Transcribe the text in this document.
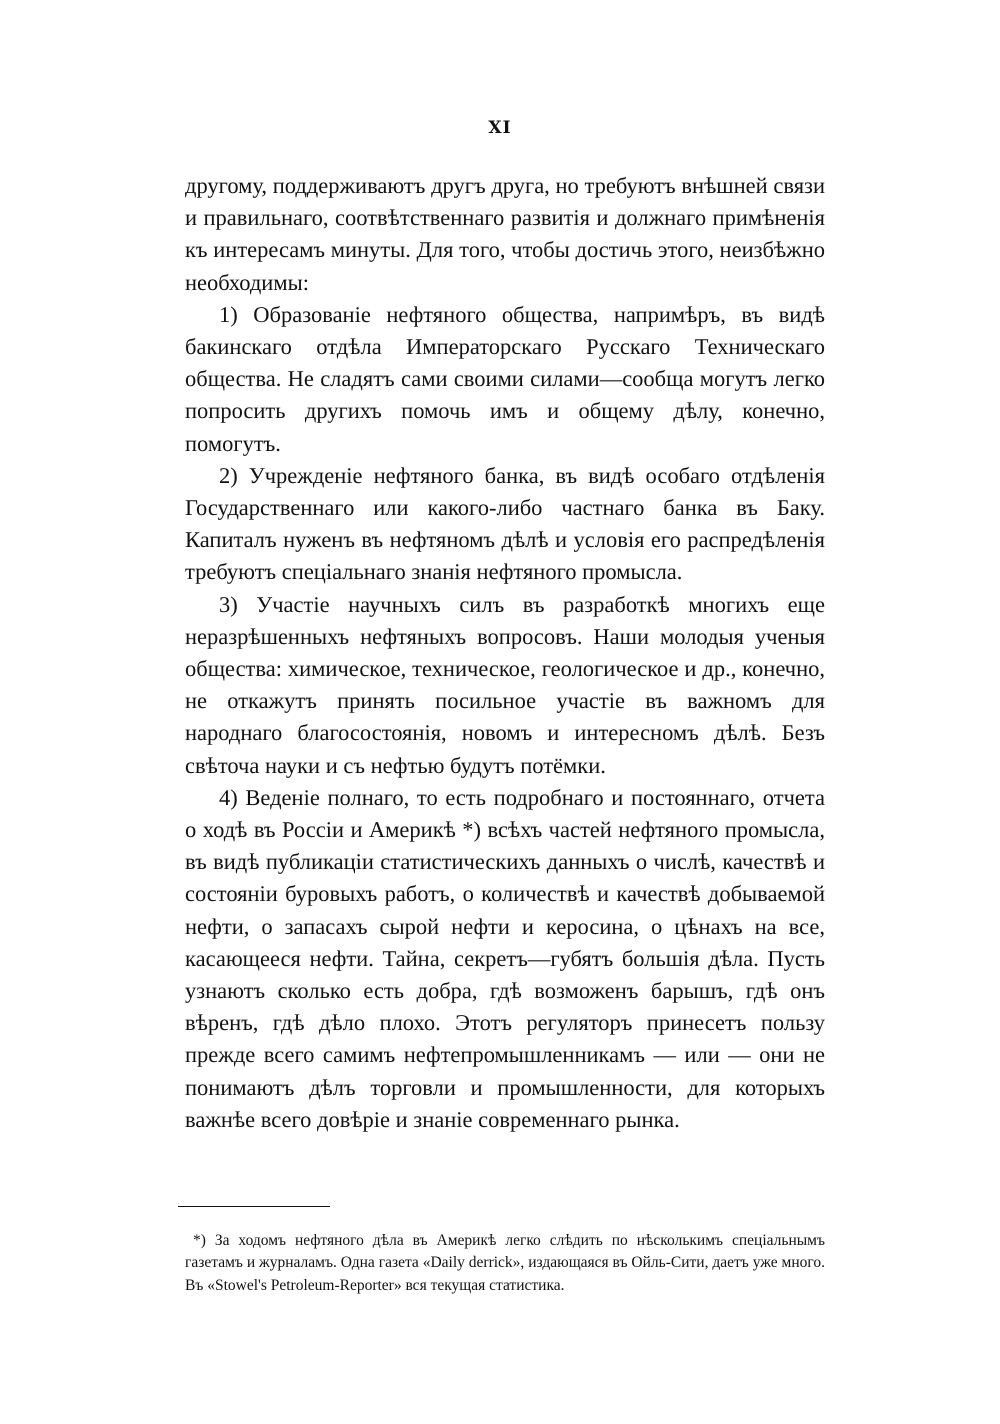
XI

другому, поддерживаютъ другъ друга, но требуютъ внѣшней связи и правильнаго, соотвѣтственнаго развитія и должнаго примѣненія къ интересамъ минуты. Для того, чтобы достичь этого, неизбѣжно необходимы:

1) Образованіе нефтяного общества, напримѣръ, въ видѣ бакинскаго отдѣла Императорскаго Русскаго Техническаго общества. Не сладятъ сами своими силами—сообща могутъ легко попросить другихъ помочь имъ и общему дѣлу, конечно, помогутъ.

2) Учрежденіе нефтяного банка, въ видѣ особаго отдѣленія Государственнаго или какого-либо частнаго банка въ Баку. Капиталъ нуженъ въ нефтяномъ дѣлѣ и условія его распредѣленія требуютъ спеціальнаго знанія нефтяного промысла.

3) Участіе научныхъ силъ въ разработкѣ многихъ еще неразрѣшенныхъ нефтяныхъ вопросовъ. Наши молодыя ученыя общества: химическое, техническое, геологическое и др., конечно, не откажутъ принять посильное участіе въ важномъ для народнаго благосостоянія, новомъ и интересномъ дѣлѣ. Безъ свѣточа науки и съ нефтью будутъ потёмки.

4) Веденіе полнаго, то есть подробнаго и постояннаго, отчета о ходѣ въ Россіи и Америкѣ *) всѣхъ частей нефтяного промысла, въ видѣ публикаціи статистическихъ данныхъ о числѣ, качествѣ и состояніи буровыхъ работъ, о количествѣ и качествѣ добываемой нефти, о запасахъ сырой нефти и керосина, о цѣнахъ на все, касающееся нефти. Тайна, секретъ—губятъ большія дѣла. Пусть узнаютъ сколько есть добра, гдѣ возможенъ барышъ, гдѣ онъ вѣренъ, гдѣ дѣло плохо. Этотъ регуляторъ принесетъ пользу прежде всего самимъ нефтепромышленникамъ — или — они не понимаютъ дѣлъ торговли и промышленности, для которыхъ важнѣе всего довѣріе и знаніе современнаго рынка.

*) За ходомъ нефтяного дѣла въ Америкѣ легко слѣдить по нѣсколькимъ спеціальнымъ газетамъ и журналамъ. Одна газета «Daily derrick», издающаяся въ Ойль-Сити, даетъ уже много. Въ «Stowel's Petroleum-Reporter» вся текущая статистика.
